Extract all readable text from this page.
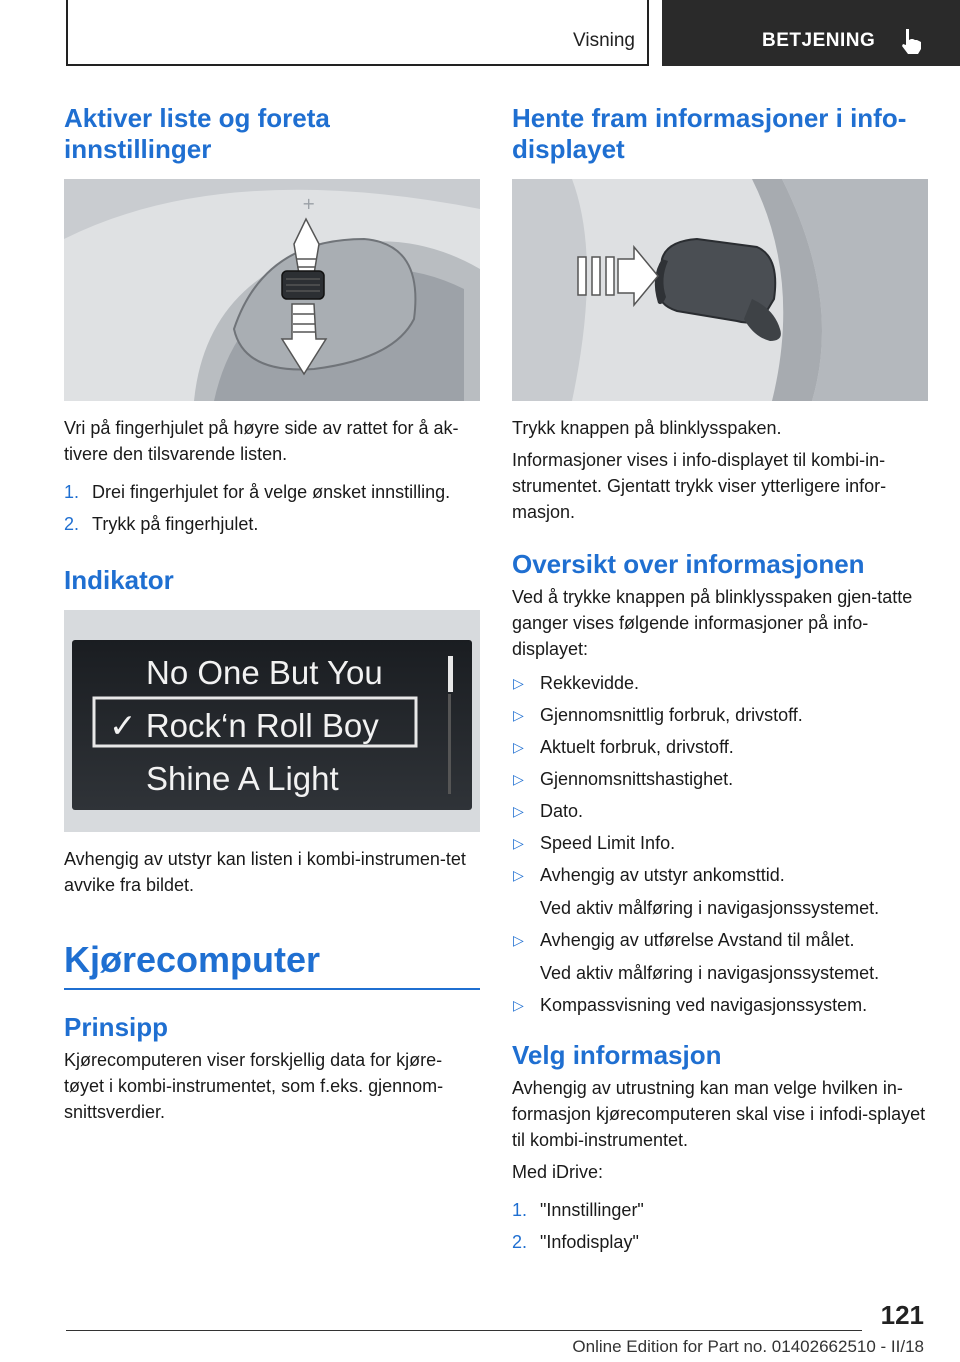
Visning	BETJENING
Aktiver liste og foreta innstillinger
+

Vri på fingerhjulet på høyre side av rattet for å ak-tivere den tilsvarende listen.

1. Drei fingerhjulet for å velge ønsket innstilling.
2. Trykk på fingerhjulet.
Indikator
No One But You
✓ Rock‘n Roll Boy
Shine A Light

Avhengig av utstyr kan listen i kombi-instrumen-tet avvike fra bildet.

Kjørecomputer
Prinsipp

Kjørecomputeren viser forskjellig data for kjøre-tøyet i kombi-instrumentet, som f.eks. gjennom-snittsverdier.

Hente fram informasjoner i info-displayet

Trykk knappen på blinklysspaken.

Informasjoner vises i info-displayet til kombi-in-strumentet. Gjentatt trykk viser ytterligere infor-masjon.

Oversikt over informasjonen

Ved å trykke knappen på blinklysspaken gjen-tatte ganger vises følgende informasjoner på info-displayet:

▷ Rekkevidde.
▷ Gjennomsnittlig forbruk, drivstoff.
▷ Aktuelt forbruk, drivstoff.
▷ Gjennomsnittshastighet.
▷ Dato.
▷ Speed Limit Info.
▷ Avhengig av utstyr ankomsttid.
Ved aktiv målføring i navigasjonssystemet.
▷ Avhengig av utførelse Avstand til målet.
Ved aktiv målføring i navigasjonssystemet.
▷ Kompassvisning ved navigasjonssystem.
Velg informasjon

Avhengig av utrustning kan man velge hvilken in-formasjon kjørecomputeren skal vise i infodi-splayet til kombi-instrumentet.

Med iDrive:

1. "Innstillinger"
2. "Infodisplay"
121
Online Edition for Part no. 01402662510 - II/18
